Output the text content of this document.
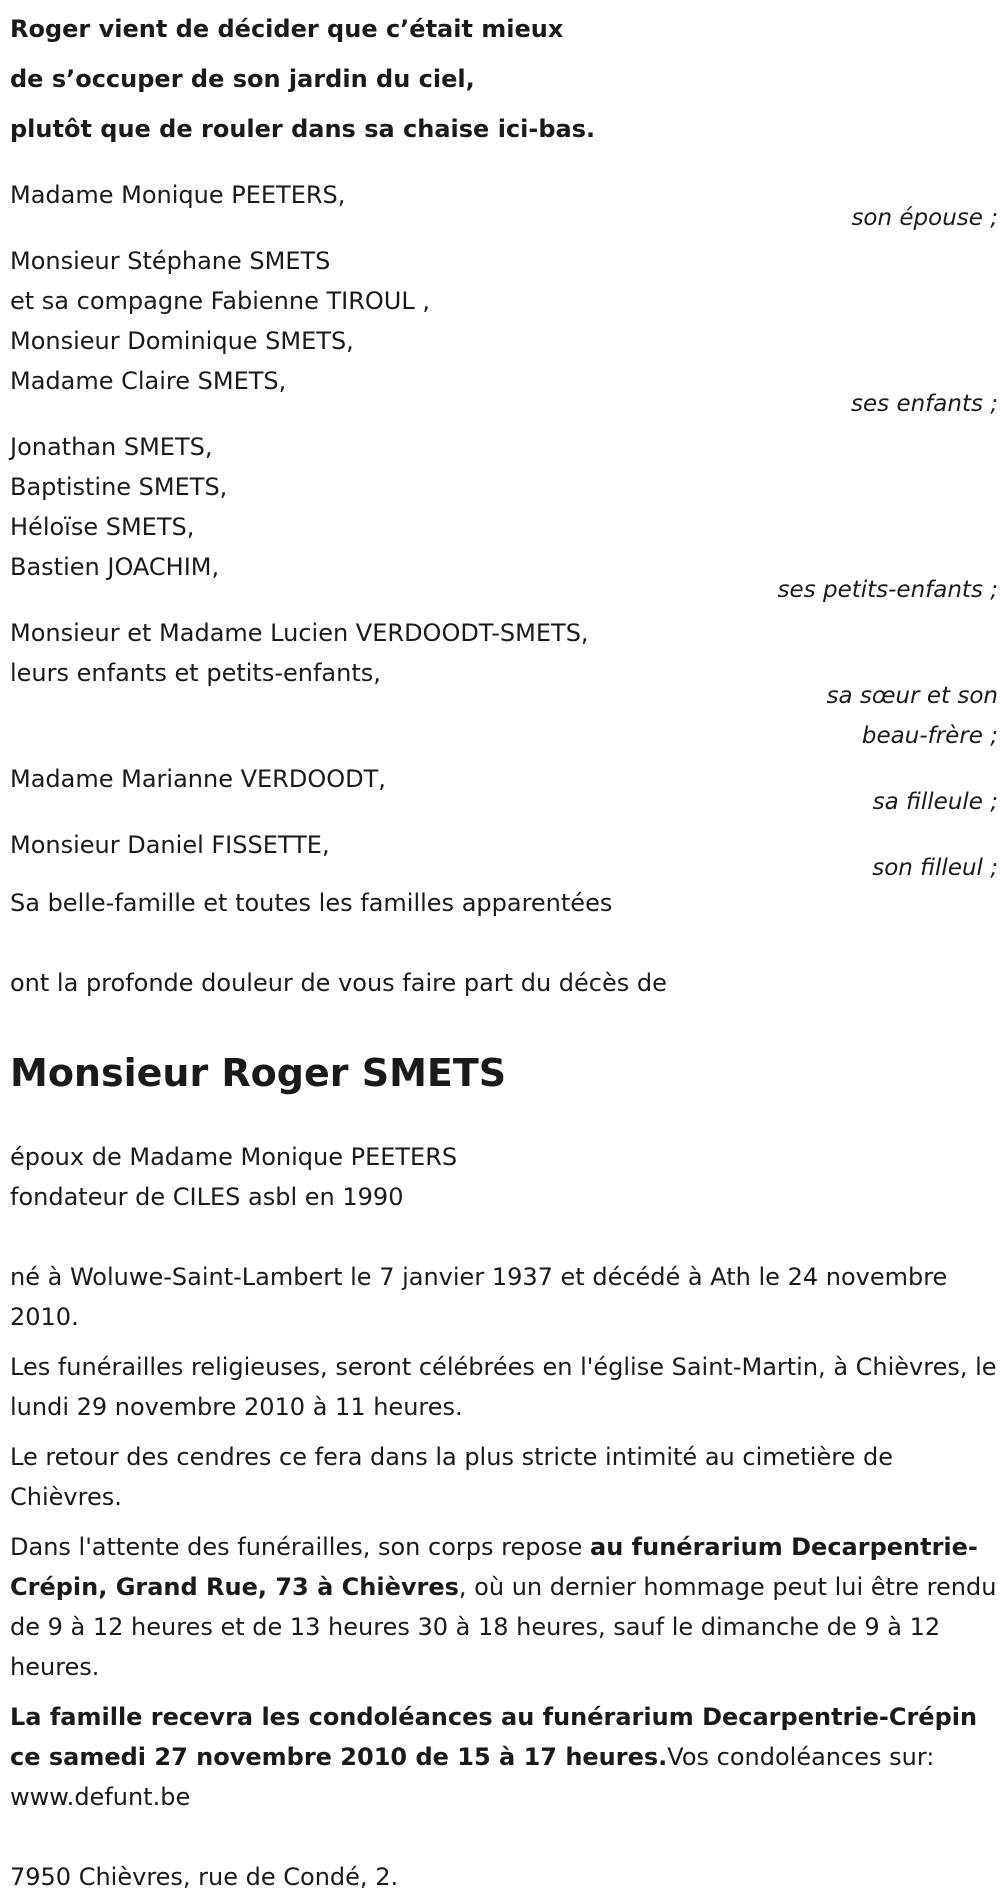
Roger vient de décider que c’était mieux
de s’occuper de son jardin du ciel,
plutôt que de rouler dans sa chaise ici-bas.
Madame Monique PEETERS,
son épouse ;
Monsieur Stéphane SMETS
et sa compagne Fabienne TIROUL ,
Monsieur Dominique SMETS,
Madame Claire SMETS,
ses enfants ;
Jonathan SMETS,
Baptistine SMETS,
Héloïse SMETS,
Bastien JOACHIM,
ses petits-enfants ;
Monsieur et Madame Lucien VERDOODT-SMETS,
leurs enfants et petits-enfants,
sa sœur et son
beau-frère ;
Madame Marianne VERDOODT,
sa filleule ;
Monsieur Daniel FISSETTE,
son filleul ;
Sa belle-famille et toutes les familles apparentées
ont la profonde douleur de vous faire part du décès de
Monsieur Roger SMETS
époux de Madame Monique PEETERS
fondateur de CILES asbl en 1990

né à Woluwe-Saint-Lambert le 7 janvier 1937 et décédé à Ath le 24 novembre 2010.

Les funérailles religieuses, seront célébrées en l'église Saint-Martin, à Chièvres, le lundi 29 novembre 2010 à 11 heures.

Le retour des cendres ce fera dans la plus stricte intimité au cimetière de Chièvres.

Dans l'attente des funérailles, son corps repose au funérarium Decarpentrie-Crépin, Grand Rue, 73 à Chièvres, où un dernier hommage peut lui être rendu de 9 à 12 heures et de 13 heures 30 à 18 heures, sauf le dimanche de 9 à 12 heures.

La famille recevra les condoléances au funérarium Decarpentrie-Crépin ce samedi 27 novembre 2010 de 15 à 17 heures.Vos condoléances sur: www.defunt.be

7950 Chièvres, rue de Condé, 2.
